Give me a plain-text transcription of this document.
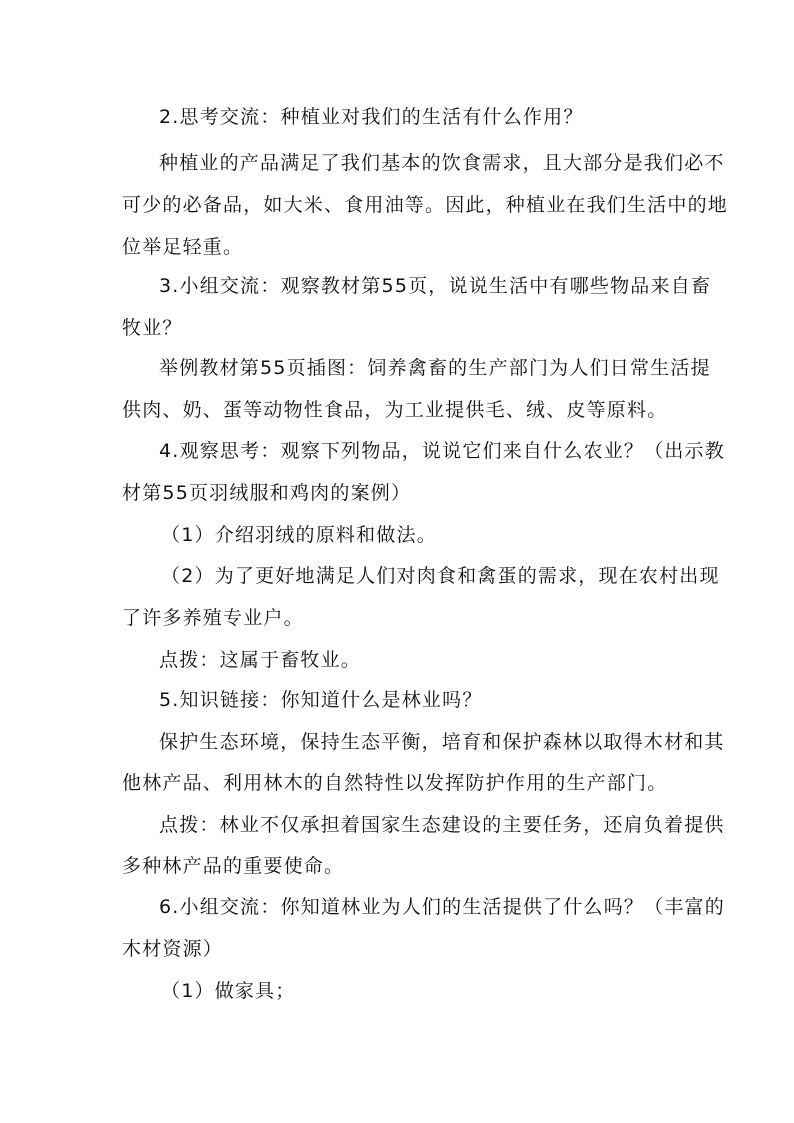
2.思考交流：种植业对我们的生活有什么作用？
种植业的产品满足了我们基本的饮食需求，且大部分是我们必不
可少的必备品，如大米、食用油等。因此，种植业在我们生活中的地
位举足轻重。
3.小组交流：观察教材第55页，说说生活中有哪些物品来自畜
牧业？
举例教材第55页插图：饲养禽畜的生产部门为人们日常生活提
供肉、奶、蛋等动物性食品，为工业提供毛、绒、皮等原料。
4.观察思考：观察下列物品，说说它们来自什么农业？（出示教
材第55页羽绒服和鸡肉的案例）
（1）介绍羽绒的原料和做法。
（2）为了更好地满足人们对肉食和禽蛋的需求，现在农村出现
了许多养殖专业户。
点拨：这属于畜牧业。
5.知识链接：你知道什么是林业吗？
保护生态环境，保持生态平衡，培育和保护森林以取得木材和其
他林产品、利用林木的自然特性以发挥防护作用的生产部门。
点拨：林业不仅承担着国家生态建设的主要任务，还肩负着提供
多种林产品的重要使命。
6.小组交流：你知道林业为人们的生活提供了什么吗？（丰富的
木材资源）
（1）做家具；
